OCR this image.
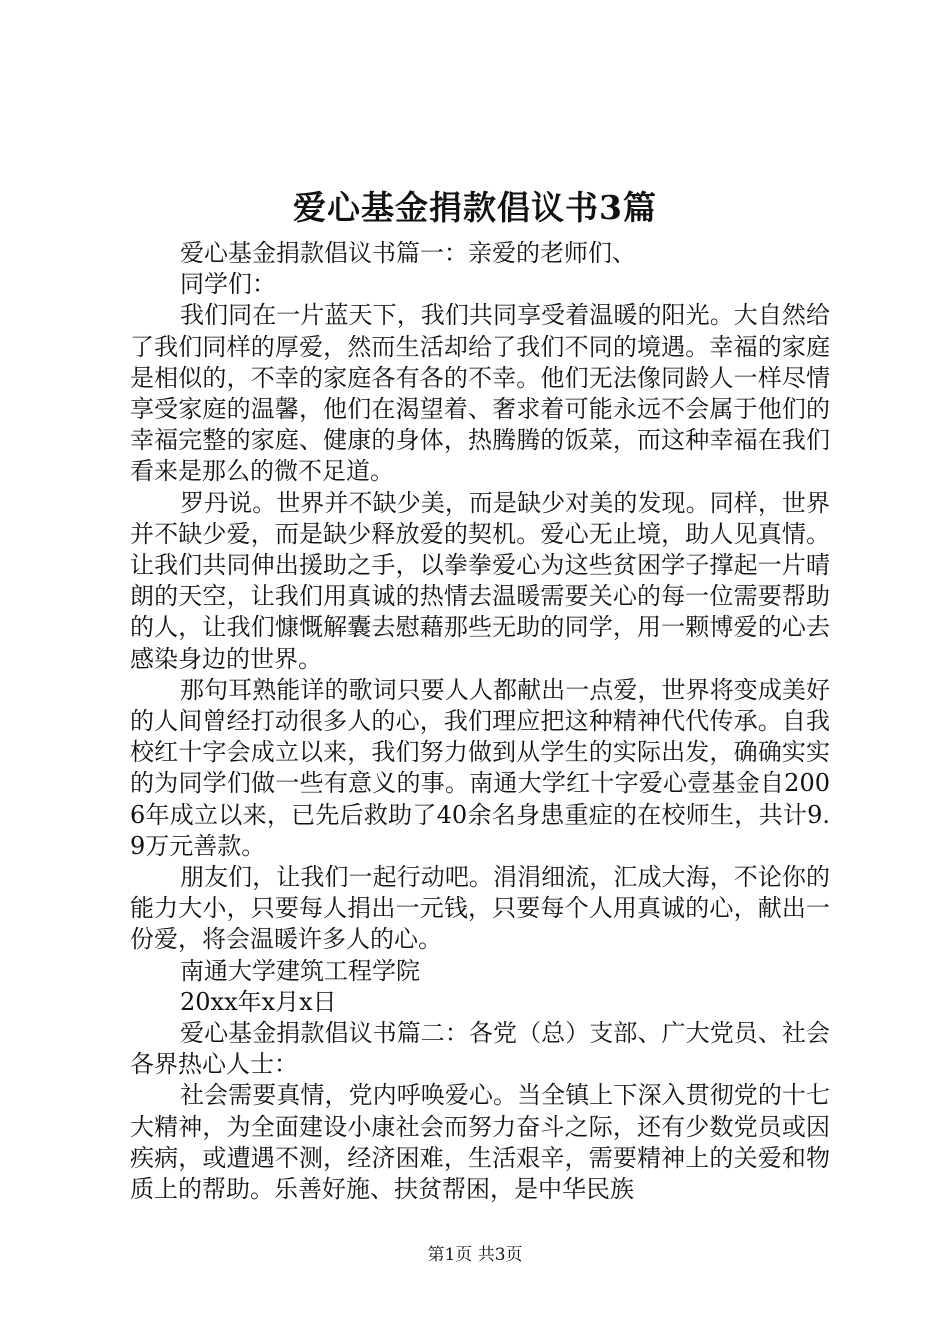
爱心基金捐款倡议书3篇

爱心基金捐款倡议书篇一：亲爱的老师们、

同学们：

我们同在一片蓝天下，我们共同享受着温暖的阳光。大自然给了我们同样的厚爱，然而生活却给了我们不同的境遇。幸福的家庭是相似的，不幸的家庭各有各的不幸。他们无法像同龄人一样尽情享受家庭的温馨，他们在渴望着、奢求着可能永远不会属于他们的幸福完整的家庭、健康的身体，热腾腾的饭菜，而这种幸福在我们看来是那么的微不足道。

罗丹说。世界并不缺少美，而是缺少对美的发现。同样，世界并不缺少爱，而是缺少释放爱的契机。爱心无止境，助人见真情。让我们共同伸出援助之手，以拳拳爱心为这些贫困学子撑起一片晴朗的天空，让我们用真诚的热情去温暖需要关心的每一位需要帮助的人，让我们慷慨解囊去慰藉那些无助的同学，用一颗博爱的心去感染身边的世界。

那句耳熟能详的歌词只要人人都献出一点爱，世界将变成美好的人间曾经打动很多人的心，我们理应把这种精神代代传承。自我校红十字会成立以来，我们努力做到从学生的实际出发，确确实实的为同学们做一些有意义的事。南通大学红十字爱心壹基金自2006年成立以来，已先后救助了40余名身患重症的在校师生，共计9.9万元善款。

朋友们，让我们一起行动吧。涓涓细流，汇成大海，不论你的能力大小，只要每人捐出一元钱，只要每个人用真诚的心，献出一份爱，将会温暖许多人的心。

南通大学建筑工程学院

20xx年x月x日

爱心基金捐款倡议书篇二：各党（总）支部、广大党员、社会各界热心人士：

社会需要真情，党内呼唤爱心。当全镇上下深入贯彻党的十七大精神，为全面建设小康社会而努力奋斗之际，还有少数党员或因疾病，或遭遇不测，经济困难，生活艰辛，需要精神上的关爱和物质上的帮助。乐善好施、扶贫帮困，是中华民族

第1页 共3页
